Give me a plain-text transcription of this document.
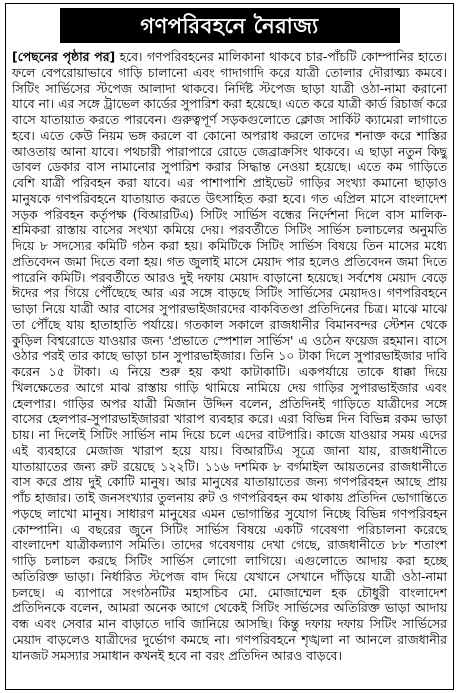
গণপরিবহনে নৈরাজ্য
[পেছনের পৃষ্ঠার পর] হবে। গণপরিবহনের মালিকানা থাকবে চার-পাঁচটি কোম্পানির হাতে। ফলে বেপরোয়াভাবে গাড়ি চালানো এবং গাদাগাদি করে যাত্রী তোলার দৌরাত্ম্য কমবে। সিটিং সার্ভিসের স্টপেজ আলাদা থাকবে। নির্দিষ্ট স্টপেজ ছাড়া যাত্রী ওঠা-নামা করানো যাবে না। এর সঙ্গে ট্রাভেল কার্ডের সুপারিশ করা হয়েছে। এতে করে যাত্রী কার্ড রিচার্জ করে বাসে যাতায়াত করতে পারবেন। গুরুত্বপূর্ণ সড়কগুলোতে ক্লোজ সার্কিট ক্যামেরা লাগাতে হবে। এতে কেউ নিয়ম ভঙ্গ করলে বা কোনো অপরাধ করলে তাদের শনাক্ত করে শাস্তির আওতায় আনা যাবে। পথচারী পারাপারে রোডে জেব্রাক্রসিং থাকবে। এ ছাড়া নতুন কিছু ডাবল ডেকার বাস নামানোর সুপারিশ করার সিদ্ধান্ত নেওয়া হয়েছে। এতে কম গাড়িতে বেশি যাত্রী পরিবহন করা যাবে। এর পাশাপাশি প্রাইভেট গাড়ির সংখ্যা কমানো ছাড়াও মানুষকে গণপরিবহনে যাতায়াত করতে উৎসাহিত করা হবে। গত এপ্রিল মাসে বাংলাদেশ সড়ক পরিবহন কর্তৃপক্ষ (বিআরটিএ) সিটিং সার্ভিস বন্ধের নির্দেশনা দিলে বাস মালিক-শ্রমিকরা রাস্তায় বাসের সংখ্যা কমিয়ে দেয়। পরবর্তীতে সিটিং সার্ভিস চলাচলের অনুমতি দিয়ে ৮ সদস্যের কমিটি গঠন করা হয়। কমিটিকে সিটিং সার্ভিস বিষয়ে তিন মাসের মধ্যে প্রতিবেদন জমা দিতে বলা হয়। গত জুলাই মাসে মেয়াদ পার হলেও প্রতিবেদন জমা দিতে পারেনি কমিটি। পরবর্তীতে আরও দুই দফায় মেয়াদ বাড়ানো হয়েছে। সর্বশেষ মেয়াদ বেড়ে ঈদের পর গিয়ে পৌঁছেছে আর এর সঙ্গে বাড়ছে সিটিং সার্ভিসের মেয়াদও। গণপরিবহনে ভাড়া নিয়ে যাত্রী আর বাসের সুপারভাইজারদের বাকবিতণ্ডা প্রতিদিনের চিত্র। মাঝে মাঝে তা পৌঁছে যায় হাতাহাতি পর্যায়ে। গতকাল সকালে রাজধানীর বিমানবন্দর স্টেশন থেকে কুড়িল বিশ্বরোডে যাওয়ার জন্য 'প্রভাতে স্পেশাল সার্ভিস' এ ওঠেন ফয়েজ রহমান। বাসে ওঠার পরই তার কাছে ভাড়া চান সুপারভাইজার। তিনি ১০ টাকা দিলে সুপারভাইজার দাবি করেন ১৫ টাকা। এ নিয়ে শুরু হয় কথা কাটাকাটি। একপর্যায়ে তাকে ধাক্কা দিয়ে খিলক্ষেতের আগে মাঝ রাস্তায় গাড়ি থামিয়ে নামিয়ে দেয় গাড়ির সুপারভাইজার এবং হেলপার। গাড়ির অপর যাত্রী মিজান উদ্দিন বলেন, প্রতিদিনই গাড়িতে যাত্রীদের সঙ্গে বাসের হেলপার-সুপারভাইজাররা খারাপ ব্যবহার করে। এরা বিভিন্ন দিন বিভিন্ন রকম ভাড়া চায়। না দিলেই সিটিং সার্ভিস নাম দিয়ে চলে এদের বাটপারি। কাজে যাওয়ার সময় এদের এই ব্যবহারে মেজাজ খারাপ হয়ে যায়। বিআরটিএ সূত্রে জানা যায়, রাজধানীতে যাতায়াতের জন্য রুট রয়েছে ১২২টি। ১১৬ দশমিক ৮ বর্গমাইল আয়তনের রাজধানীতে বাস করে প্রায় দুই কোটি মানুষ। আর মানুষের যাতায়াতের জন্য গণপরিবহন আছে প্রায় পাঁচ হাজার। তাই জনসংখ্যার তুলনায় রুট ও গণপরিবহন কম থাকায় প্রতিদিন ভোগান্তিতে পড়ছে লাখো মানুষ। সাধারণ মানুষের এমন ভোগান্তির সুযোগ নিচ্ছে বিভিন্ন গণপরিবহন কোম্পানি। এ বছরের জুনে সিটিং সার্ভিস বিষয়ে একটি গবেষণা পরিচালনা করেছে বাংলাদেশ যাত্রীকল্যাণ সমিতি। তাদের গবেষণায় দেখা গেছে, রাজধানীতে ৮৮ শতাংশ গাড়ি চলাচল করছে সিটিং সার্ভিস লোগো লাগিয়ে। এগুলোতে আদায় করা হচ্ছে অতিরিক্ত ভাড়া। নির্ধারিত স্টপেজ বাদ দিয়ে যেখানে সেখানে দাঁড়িয়ে যাত্রী ওঠা-নামা চলছে। এ ব্যাপারে সংগঠনটির মহাসচিব মো. মোজাম্মেল হক চৌধুরী বাংলাদেশ প্রতিদিনকে বলেন, আমরা অনেক আগে থেকেই সিটিং সার্ভিসের অতিরিক্ত ভাড়া আদায় বন্ধ এবং সেবার মান বাড়াতে দাবি জানিয়ে আসছি। কিন্তু দফায় দফায় সিটিং সার্ভিসের মেয়াদ বাড়লেও যাত্রীদের দুর্ভোগ কমছে না। গণপরিবহনে শৃঙ্খলা না আনলে রাজধানীর যানজট সমস্যার সমাধান কখনই হবে না বরং প্রতিদিন আরও বাড়বে।
